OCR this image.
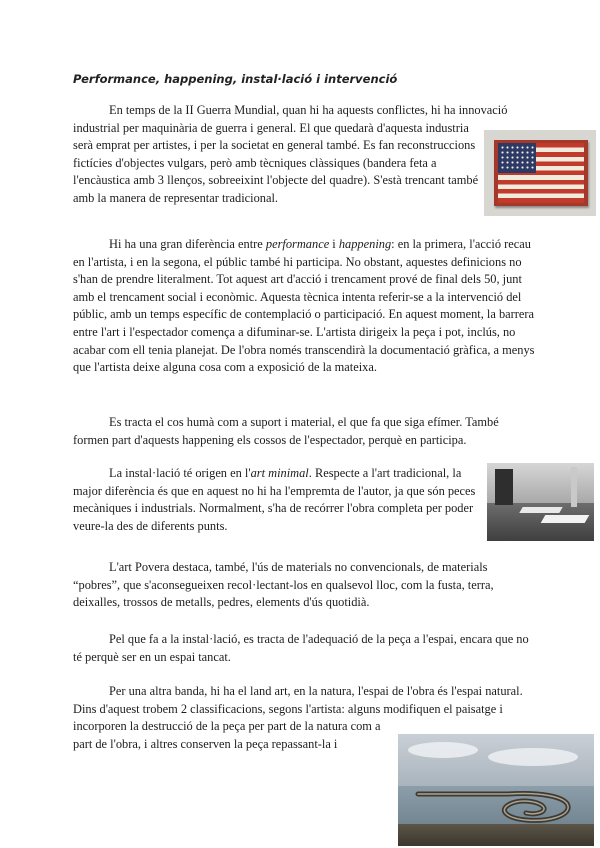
Performance, happening, instal·lació i intervenció
En temps de la II Guerra Mundial, quan hi ha aquests conflictes, hi ha innovació
industrial per maquinària de guerra i general. El que quedarà d'aquesta industria
serà emprat per artistes, i per la societat en general també. Es fan reconstruccions
fictícies d'objectes vulgars, però amb tècniques clàssiques (bandera feta a
l'encàustica amb 3 llenços, sobreeixint l'objecte del quadre). S'està trencant també
amb la manera de representar tradicional.
Hi ha una gran diferència entre performance i happening: en la primera, l'acció recau
en l'artista, i en la segona, el públic també hi participa. No obstant, aquestes definicions no
s'han de prendre literalment. Tot aquest art d'acció i trencament prové de final dels 50, junt
amb el trencament social i econòmic. Aquesta tècnica intenta referir-se a la intervenció del
públic, amb un temps específic de contemplació o participació. En aquest moment, la barrera
entre l'art i l'espectador comença a difuminar-se. L'artista dirigeix la peça i pot, inclús, no
acabar com ell tenia planejat. De l'obra només transcendirà la documentació gràfica, a menys
que l'artista deixe alguna cosa com a exposició de la mateixa.
Es tracta el cos humà com a suport i material, el que fa que siga efímer. També
formen part d'aquests happening els cossos de l'espectador, perquè en participa.
La instal·lació té origen en l'art minimal. Respecte a l'art tradicional, la
major diferència és que en aquest no hi ha l'empremta de l'autor, ja que són peces
mecàniques i industrials. Normalment, s'ha de recórrer l'obra completa per poder
veure-la des de diferents punts.
L'art Povera destaca, també, l'ús de materials no convencionals, de materials
“pobres”, que s'aconsegueixen recol·lectant-los en qualsevol lloc, com la fusta, terra,
deixalles, trossos de metalls, pedres, elements d'ús quotidià.
Pel que fa a la instal·lació, es tracta de l'adequació de la peça a l'espai, encara que no
té perquè ser en un espai tancat.
Per una altra banda, hi ha el land art, en la natura, l'espai de l'obra és l'espai natural.
Dins d'aquest trobem 2 classificacions, segons l'artista: alguns modifiquen el paisatge i
incorporen la destrucció de la peça per part de la natura com a
part de l'obra, i altres conserven la peça repassant-la i
